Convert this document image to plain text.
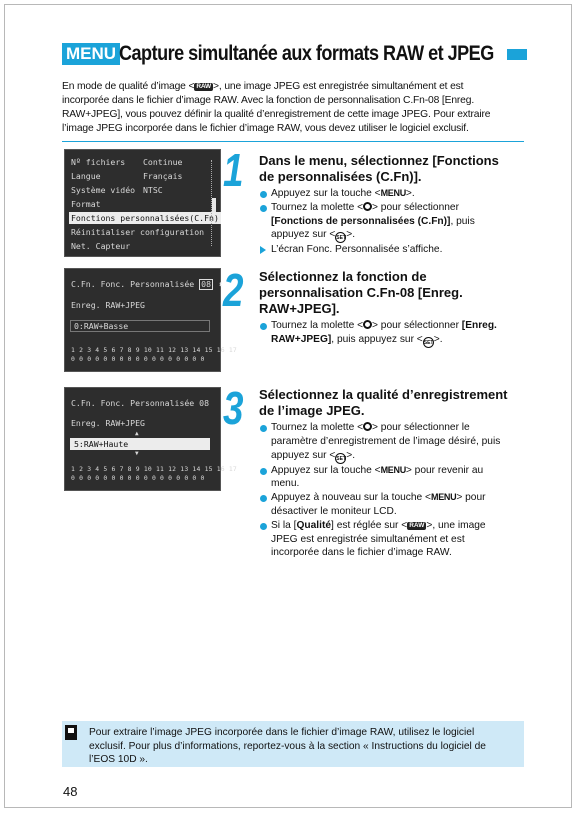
MENU Capture simultanée aux formats RAW et JPEG
En mode de qualité d’image < RAW >, une image JPEG est enregistrée simultanément et est
incorporée dans le fichier d’image RAW. Avec la fonction de personnalisation C.Fn-08 [Enreg.
RAW+JPEG], vous pouvez définir la qualité d’enregistrement de cette image JPEG. Pour extraire
l’image JPEG incorporée dans le fichier d’image RAW, vous devez utiliser le logiciel exclusif.
Nº fichiers Continue
Langue	Français
Système vidéo NTSC
Format
Fonctions personnalisées(C.Fn)
Réinitialiser configuration
Net. Capteur
C.Fn. Fonc. Personnalisée 08 ⬍
Enreg. RAW+JPEG
0:RAW+Basse
1 2 3 4 5 6 7 8 9 10 11 12 13 14 15 16 17
0 0 0 0 0 0 0 0 0 0 0 0 0 0 0 0 0
C.Fn. Fonc. Personnalisée 08
Enreg. RAW+JPEG
▲
5:RAW+Haute
▼
1 2 3 4 5 6 7 8 9 10 11 12 13 14 15 16 17
0 0 0 0 0 0 0 0 0 0 0 0 0 0 0 0 0
1 Dans le menu, sélectionnez [Fonctions
de personnalisées (C.Fn)].
Appuyez sur la touche <MENU>.
Tournez la molette < > pour sélectionner
[Fonctions de personnalisées (C.Fn)], puis
appuyez sur <SET>.
L’écran Fonc. Personnalisée s’affiche.
2 Sélectionnez la fonction de
personnalisation C.Fn-08 [Enreg.
RAW+JPEG].
Tournez la molette < > pour sélectionner [Enreg.
RAW+JPEG], puis appuyez sur <SET>.
3 Sélectionnez la qualité d’enregistrement
de l’image JPEG.
Tournez la molette < > pour sélectionner le
paramètre d’enregistrement de l’image désiré, puis
appuyez sur <SET>.
Appuyez sur la touche <MENU> pour revenir au
menu.
Appuyez à nouveau sur la touche <MENU> pour
désactiver le moniteur LCD.
Si la [Qualité] est réglée sur < RAW >, une image
JPEG est enregistrée simultanément et est
incorporée dans le fichier d’image RAW.
Pour extraire l’image JPEG incorporée dans le fichier d’image RAW, utilisez le logiciel
exclusif. Pour plus d’informations, reportez-vous à la section « Instructions du logiciel de
l’EOS 10D ».
48
